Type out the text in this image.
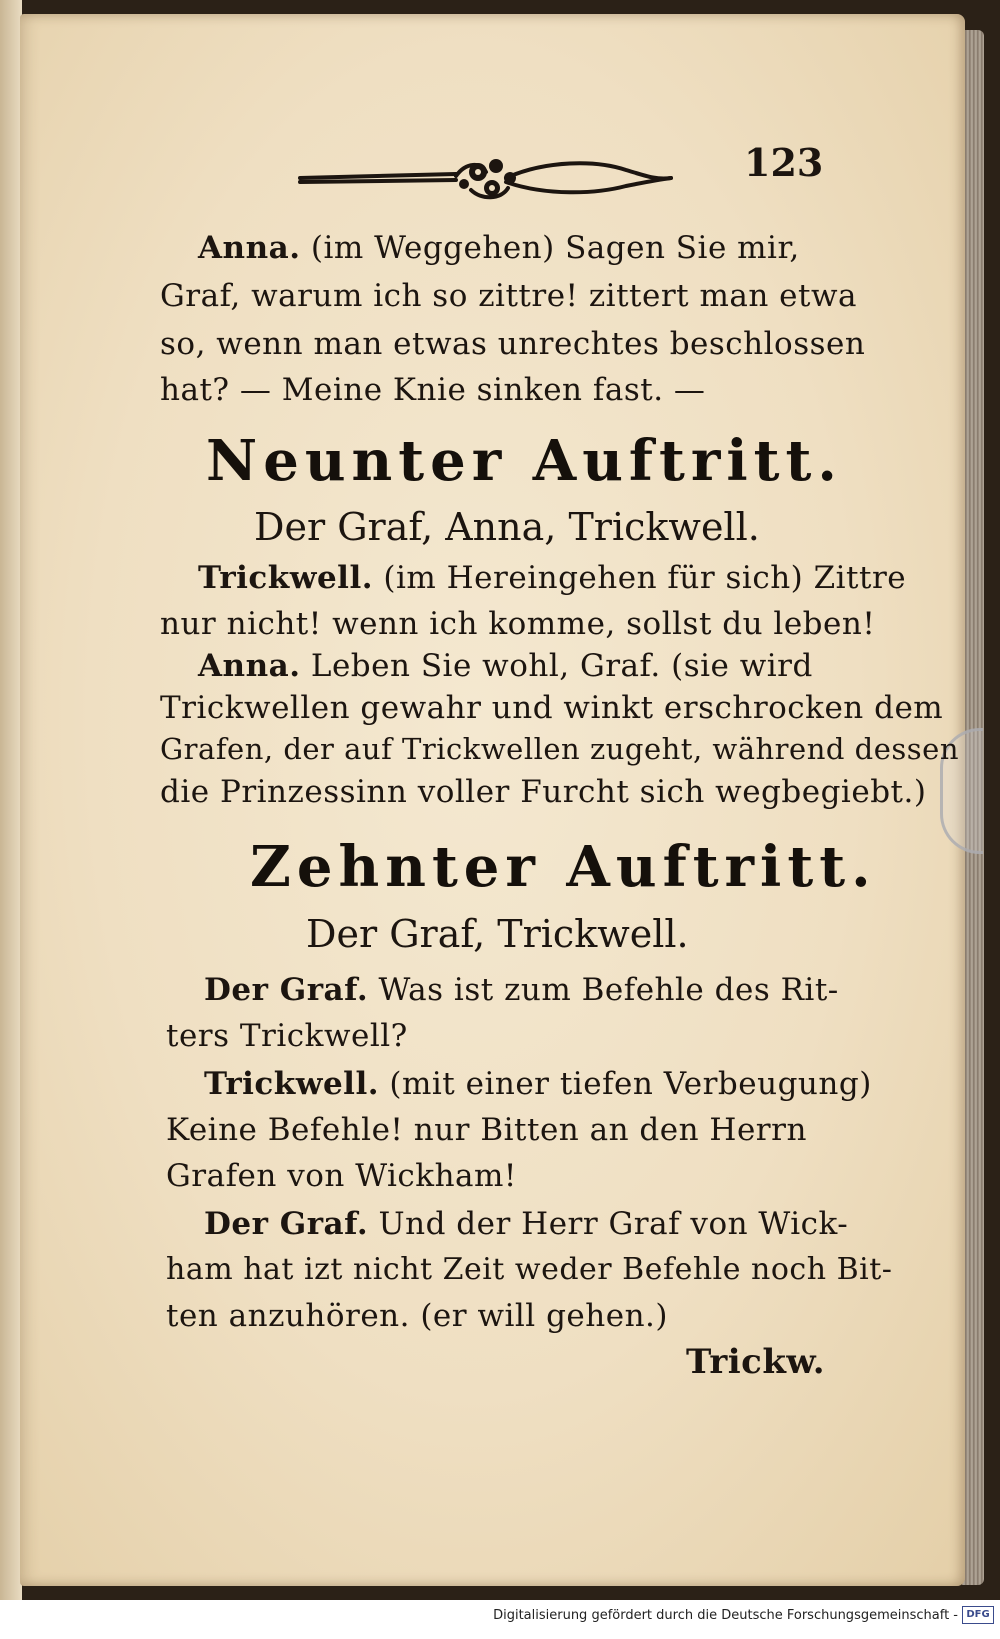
123

Anna. (im Weggehen) Sagen Sie mir,

Graf, warum ich so zittre! zittert man etwa

so, wenn man etwas unrechtes beschlossen

hat? — Meine Knie sinken fast. —

Neunter Auftritt.

Der Graf, Anna, Trickwell.

Trickwell. (im Hereingehen für sich) Zittre

nur nicht! wenn ich komme, sollst du leben!

Anna. Leben Sie wohl, Graf. (sie wird

Trickwellen gewahr und winkt erschrocken dem

Grafen, der auf Trickwellen zugeht, während dessen

die Prinzessinn voller Furcht sich wegbegiebt.)

Zehnter Auftritt.

Der Graf, Trickwell.

Der Graf. Was ist zum Befehle des Rit-

ters Trickwell?

Trickwell. (mit einer tiefen Verbeugung)

Keine Befehle! nur Bitten an den Herrn

Grafen von Wickham!

Der Graf. Und der Herr Graf von Wick-

ham hat izt nicht Zeit weder Befehle noch Bit-

ten anzuhören. (er will gehen.)

Trickw.

Digitalisierung gefördert durch die Deutsche Forschungsgemeinschaft - DFG
